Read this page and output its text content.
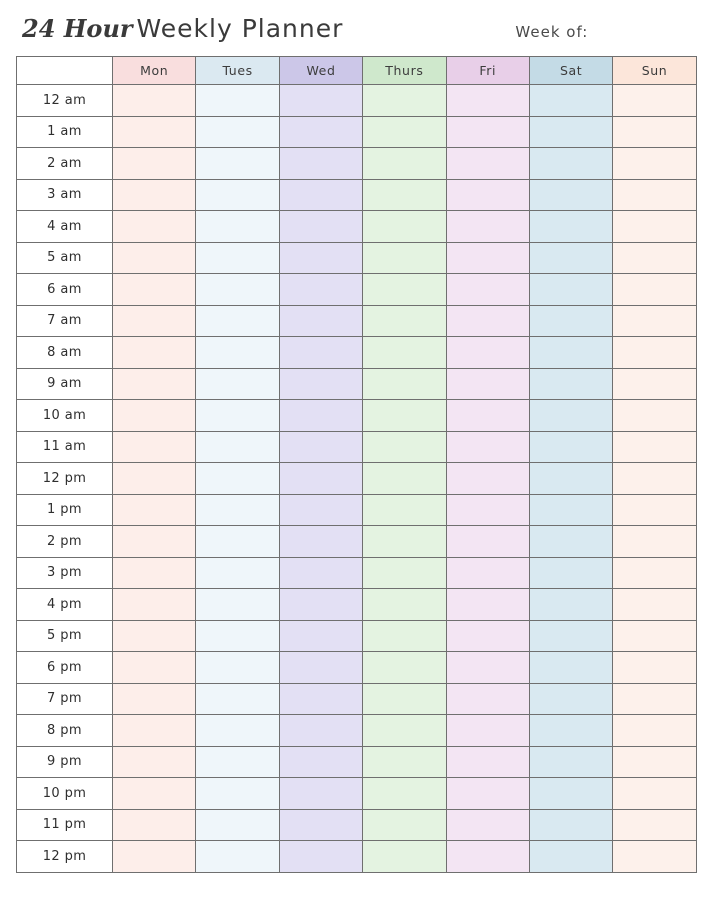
24 Hour Weekly Planner	Week of:
	Mon	Tues	Wed	Thurs	Fri	Sat	Sun
12 am							
1 am							
2 am							
3 am							
4 am							
5 am							
6 am							
7 am							
8 am							
9 am							
10 am							
11 am							
12 pm							
1 pm							
2 pm							
3 pm							
4 pm							
5 pm							
6 pm							
7 pm							
8 pm							
9 pm							
10 pm							
11 pm							
12 pm							
